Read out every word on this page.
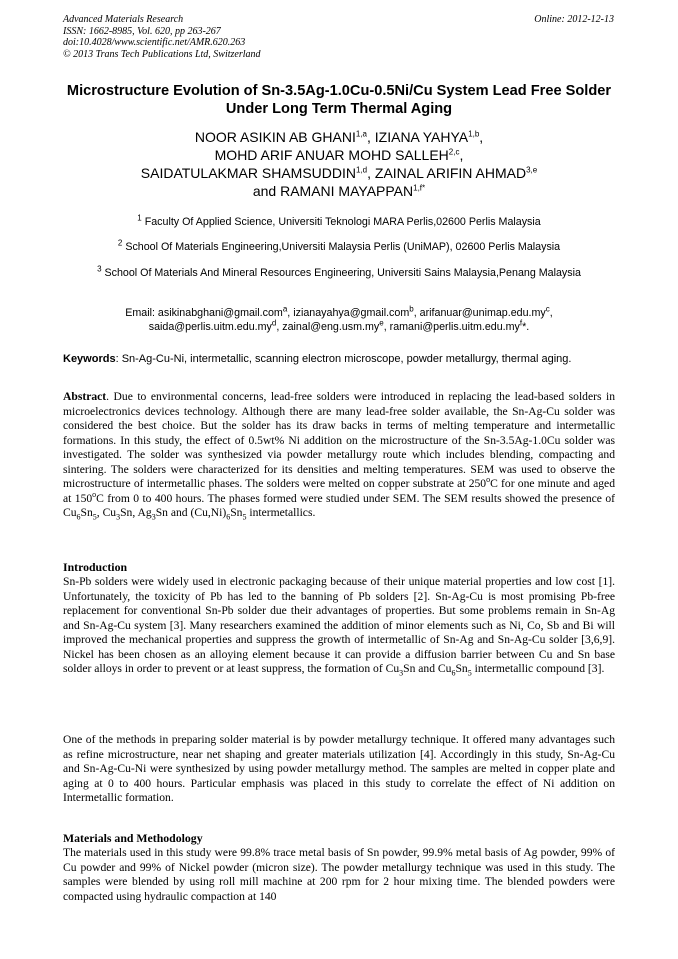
Advanced Materials Research
ISSN: 1662-8985, Vol. 620, pp 263-267
doi:10.4028/www.scientific.net/AMR.620.263
© 2013 Trans Tech Publications Ltd, Switzerland
Online: 2012-12-13
Microstructure Evolution of Sn-3.5Ag-1.0Cu-0.5Ni/Cu System Lead Free Solder Under Long Term Thermal Aging
NOOR ASIKIN AB GHANI$^{1,a}$, IZIANA YAHYA$^{1,b}$,
MOHD ARIF ANUAR MOHD SALLEH$^{2,c}$,
SAIDATULAKMAR SHAMSUDDIN$^{1,d}$, ZAINAL ARIFIN AHMAD$^{3,e}$
and RAMANI $MAYAPPAN^{1,f*}$
$^1$ Faculty Of Applied Science, Universiti Teknologi MARA Perlis,02600 Perlis Malaysia
$^2$ School Of Materials Engineering,Universiti Malaysia Perlis (UniMAP), 02600 Perlis Malaysia
$^3$ School Of Materials And Mineral Resources Engineering, Universiti Sains Malaysia,Penang Malaysia
Email: asikinabghani@gmail.com$^a$, izianayahya@gmail.com$^b$, $arifanuar@unimap.edu.my^c$,
$saida@perlis.uitm.edu.my^d$, $zainal@eng.usm.my^e$, $ramani@perlis.uitm.edu.my^f*$.
Keywords: Sn-Ag-Cu-Ni, intermetallic, scanning electron microscope, powder metallurgy, thermal aging.
Abstract. Due to environmental concerns, lead-free solders were introduced in replacing the lead-based solders in microelectronics devices technology. Although there are many lead-free solder available, the Sn-Ag-Cu solder was considered the best choice. But the solder has its draw backs in terms of melting temperature and intermetallic formations. In this study, the effect of 0.5wt% Ni addition on the microstructure of the Sn-3.5Ag-1.0Cu solder was investigated. The solder was synthesized via powder metallurgy route which includes blending, compacting and sintering. The solders were characterized for its densities and melting temperatures. SEM was used to observe the microstructure of intermetallic phases. The solders were melted on copper substrate at 250$^o$C for one minute and aged at 150$^o$C from 0 to 400 hours. The phases formed were studied under SEM. The SEM results showed the presence of $Cu_6Sn_5$, $Cu_3Sn$, $Ag_3Sn$ and $(Cu,Ni)_6Sn_5$ intermetallics.
Introduction
Sn-Pb solders were widely used in electronic packaging because of their unique material properties and low cost [1]. Unfortunately, the toxicity of Pb has led to the banning of Pb solders [2]. Sn-Ag-Cu is most promising Pb-free replacement for conventional Sn-Pb solder due their advantages of properties. But some problems remain in Sn-Ag and Sn-Ag-Cu system [3]. Many researchers examined the addition of minor elements such as Ni, Co, Sb and Bi will improved the mechanical properties and suppress the growth of intermetallic of Sn-Ag and Sn-Ag-Cu solder [3,6,9]. Nickel has been chosen as an alloying element because it can provide a diffusion barrier between Cu and Sn base solder alloys in order to prevent or at least suppress, the formation of $Cu_3Sn$ and $Cu_6Sn_5$ intermetallic compound [3].
One of the methods in preparing solder material is by powder metallurgy technique. It offered many advantages such as refine microstructure, near net shaping and greater materials utilization [4]. Accordingly in this study, Sn-Ag-Cu and Sn-Ag-Cu-Ni were synthesized by using powder metallurgy method. The samples are melted in copper plate and aging at 0 to 400 hours. Particular emphasis was placed in this study to correlate the effect of Ni addition on Intermetallic formation.
Materials and Methodology
The materials used in this study were 99.8% trace metal basis of Sn powder, 99.9% metal basis of Ag powder, 99% of Cu powder and 99% of Nickel powder (micron size). The powder metallurgy technique was used in this study. The samples were blended by using roll mill machine at 200 rpm for 2 hour mixing time. The blended powders were compacted using hydraulic compaction at 140
